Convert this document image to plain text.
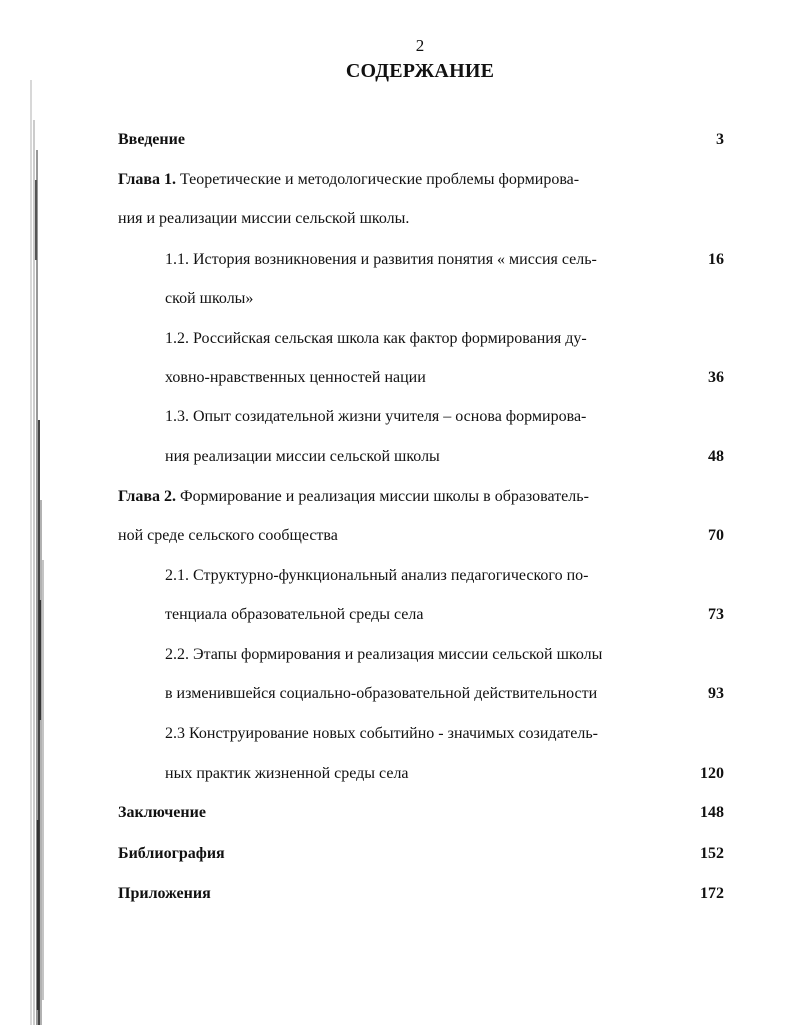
2
СОДЕРЖАНИЕ
Введение	3
Глава 1. Теоретические и методологические проблемы формирова-
ния и реализации миссии сельской школы.
1.1. История возникновения и развития понятия « миссия сель-	16
ской школы»
1.2. Российская сельская школа как фактор формирования ду-
ховно-нравственных ценностей нации	36
1.3. Опыт созидательной жизни учителя – основа формирова-
ния реализации миссии сельской школы	48
Глава 2. Формирование и реализация миссии школы в образователь-
ной среде сельского сообщества	70
2.1. Структурно-функциональный анализ педагогического по-
тенциала образовательной среды села	73
2.2. Этапы формирования и реализация миссии сельской школы
в изменившейся социально-образовательной действительности	93
2.3 Конструирование новых событийно - значимых созидатель-
ных практик жизненной среды села	120
Заключение	148
Библиография	152
Приложения	172
